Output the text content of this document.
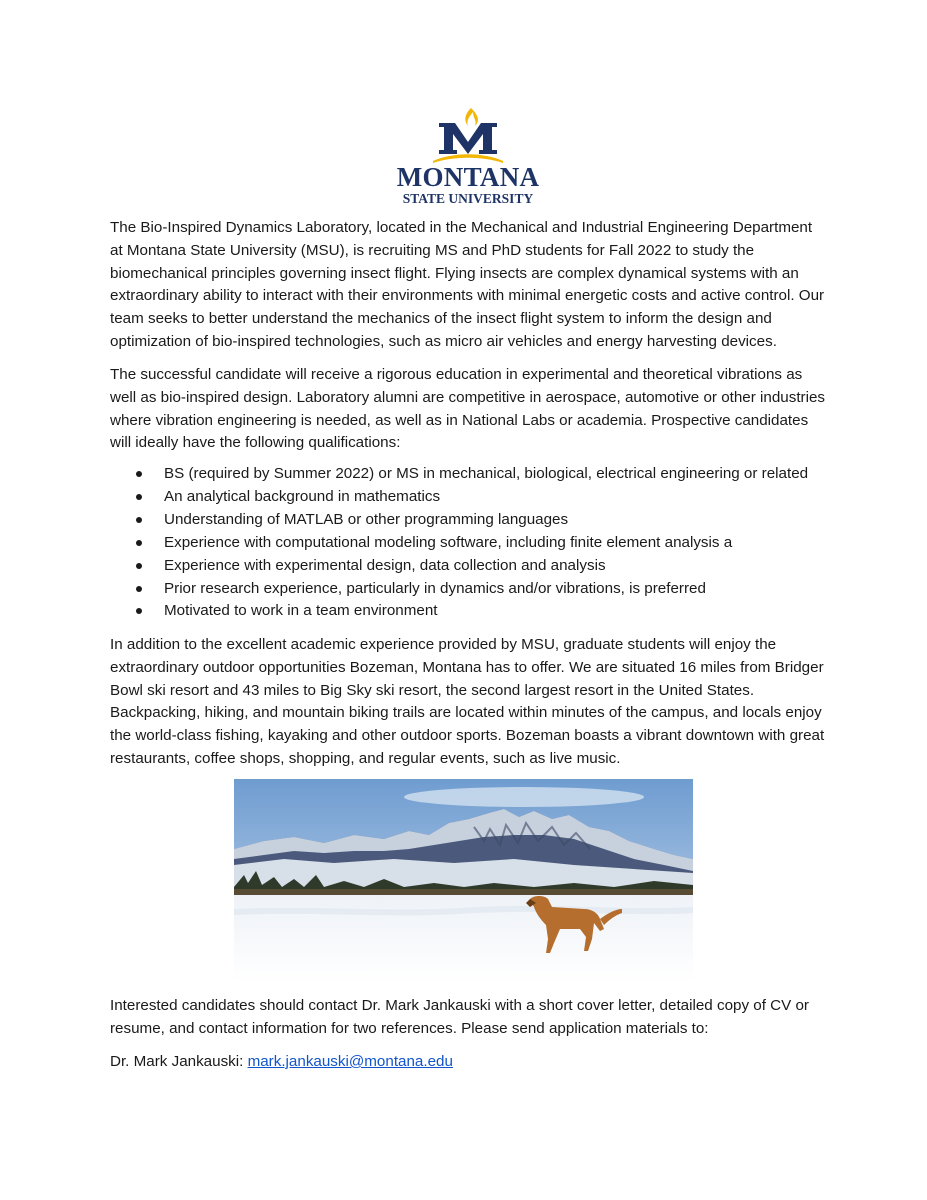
MONTANA
STATE UNIVERSITY

The Bio-Inspired Dynamics Laboratory, located in the Mechanical and Industrial Engineering Department at Montana State University (MSU), is recruiting MS and PhD students for Fall 2022 to study the biomechanical principles governing insect flight. Flying insects are complex dynamical systems with an extraordinary ability to interact with their environments with minimal energetic costs and active control. Our team seeks to better understand the mechanics of the insect flight system to inform the design and optimization of bio-inspired technologies, such as micro air vehicles and energy harvesting devices.

The successful candidate will receive a rigorous education in experimental and theoretical vibrations as well as bio-inspired design. Laboratory alumni are competitive in aerospace, automotive or other industries where vibration engineering is needed, as well as in National Labs or academia. Prospective candidates will ideally have the following qualifications:

BS (required by Summer 2022) or MS in mechanical, biological, electrical engineering or related
An analytical background in mathematics
Understanding of MATLAB or other programming languages
Experience with computational modeling software, including finite element analysis a
Experience with experimental design, data collection and analysis
Prior research experience, particularly in dynamics and/or vibrations, is preferred
Motivated to work in a team environment

In addition to the excellent academic experience provided by MSU, graduate students will enjoy the extraordinary outdoor opportunities Bozeman, Montana has to offer. We are situated 16 miles from Bridger Bowl ski resort and 43 miles to Big Sky ski resort, the second largest resort in the United States. Backpacking, hiking, and mountain biking trails are located within minutes of the campus, and locals enjoy the world-class fishing, kayaking and other outdoor sports. Bozeman boasts a vibrant downtown with great restaurants, coffee shops, shopping, and regular events, such as live music.

Interested candidates should contact Dr. Mark Jankauski with a short cover letter, detailed copy of CV or resume, and contact information for two references. Please send application materials to:

Dr. Mark Jankauski: mark.jankauski@montana.edu
